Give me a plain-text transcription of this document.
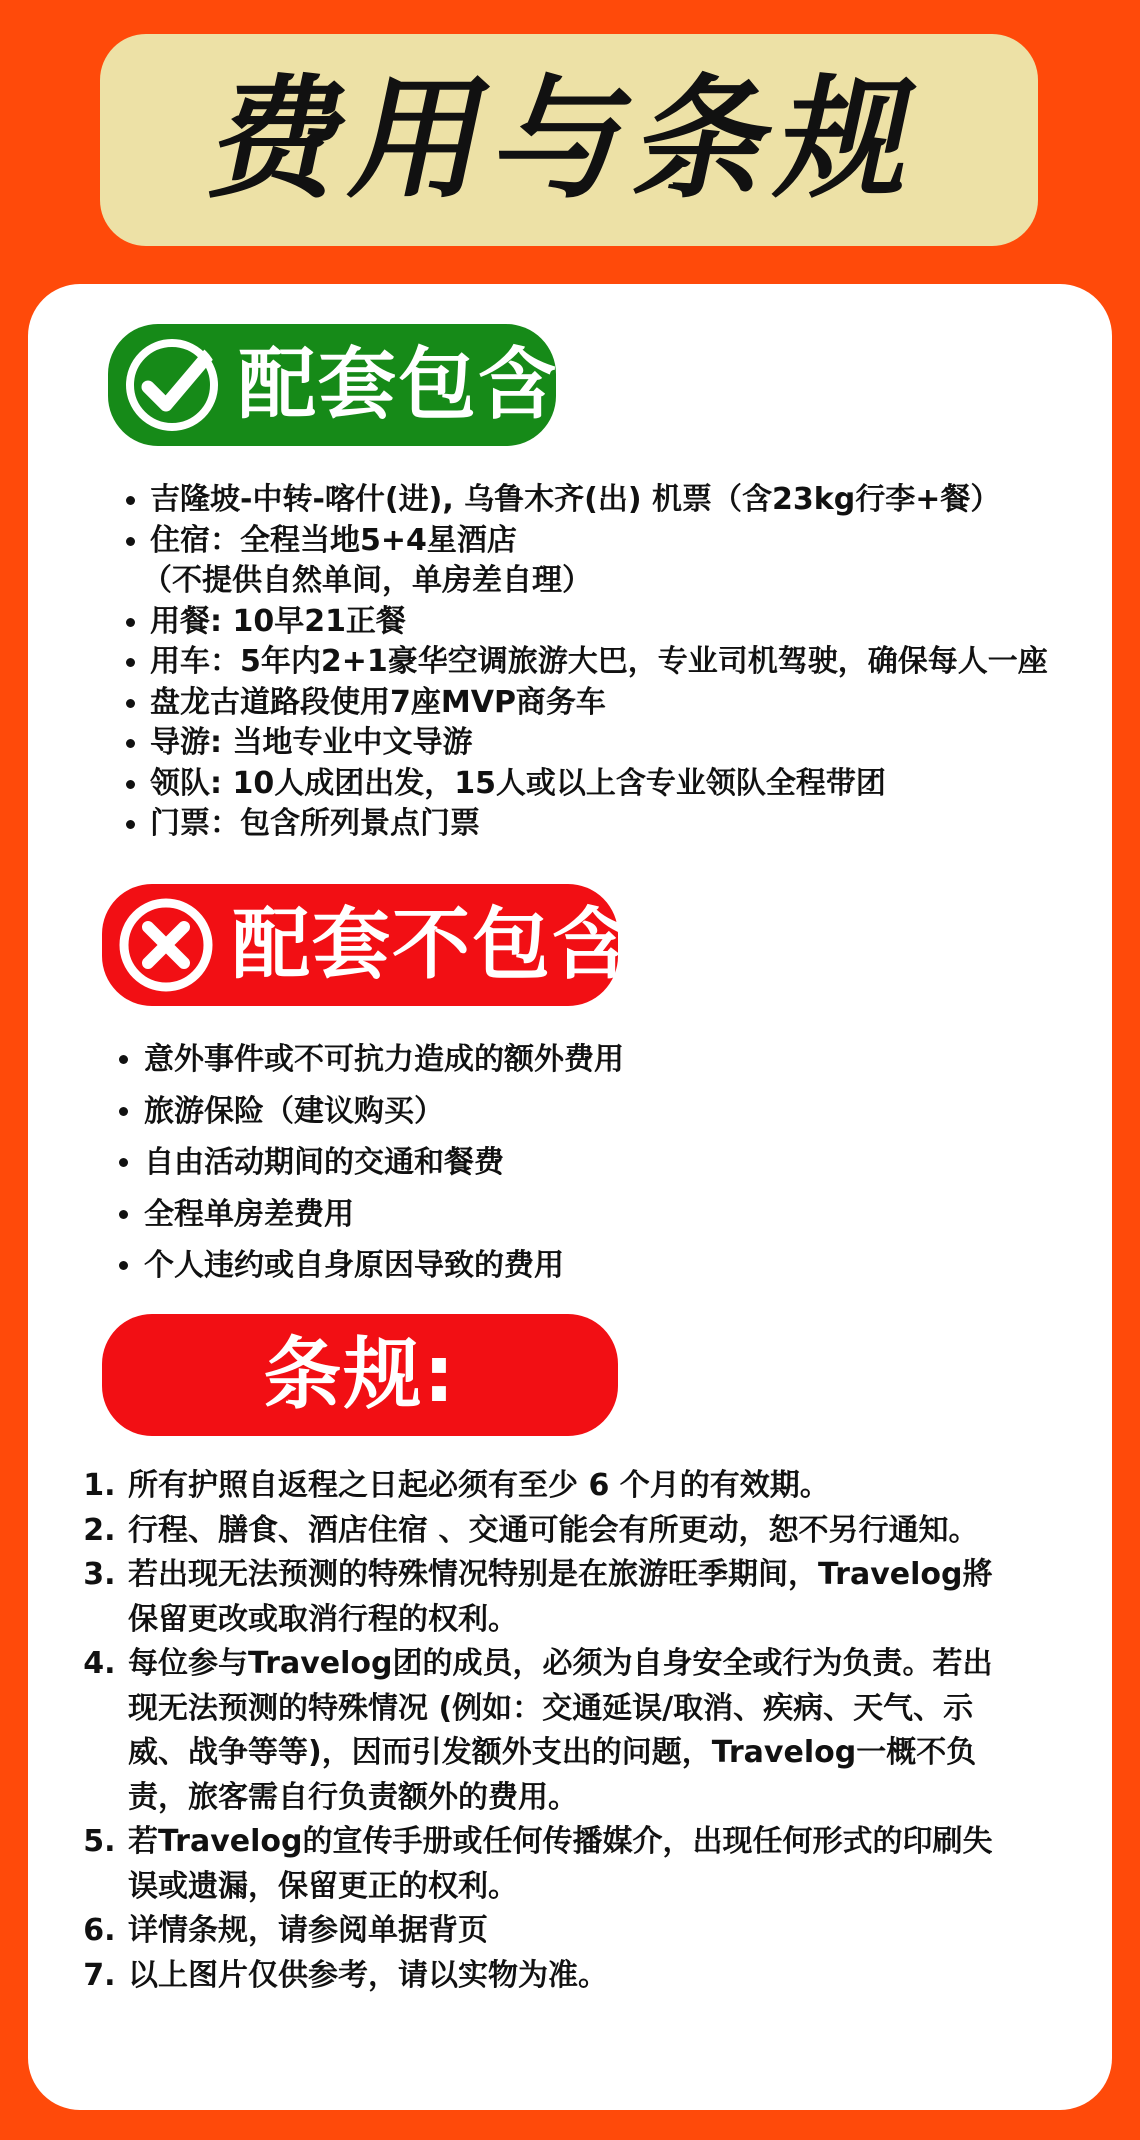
费用与条规
配套包含:
• 吉隆坡-中转-喀什(进), 乌鲁木齐(出) 机票（含23kg行李+餐）
• 住宿：全程当地5+4星酒店
（不提供自然单间，单房差自理）
• 用餐: 10早21正餐
• 用车：5年内2+1豪华空调旅游大巴，专业司机驾驶，确保每人一座
• 盘龙古道路段使用7座MVP商务车
• 导游: 当地专业中文导游
• 领队: 10人成团出发，15人或以上含专业领队全程带团
• 门票：包含所列景点门票
配套不包含:
• 意外事件或不可抗力造成的额外费用
• 旅游保险（建议购买）
• 自由活动期间的交通和餐费
• 全程单房差费用
• 个人违约或自身原因导致的费用
条规:
1. 所有护照自返程之日起必须有至少 6 个月的有效期。
2. 行程、膳食、酒店住宿 、交通可能会有所更动，恕不另行通知。
3. 若出现无法预测的特殊情况特别是在旅游旺季期间，Travelog將
保留更改或取消行程的权利。
4. 每位参与Travelog团的成员，必须为自身安全或行为负责。若出
现无法预测的特殊情况 (例如：交通延误/取消、疾病、天气、示
威、战争等等)，因而引发额外支出的问题，Travelog一概不负
责，旅客需自行负责额外的费用。
5. 若Travelog的宣传手册或任何传播媒介，出现任何形式的印刷失
误或遗漏，保留更正的权利。
6. 详情条规，请参阅单据背页
7. 以上图片仅供参考，请以实物为准。
